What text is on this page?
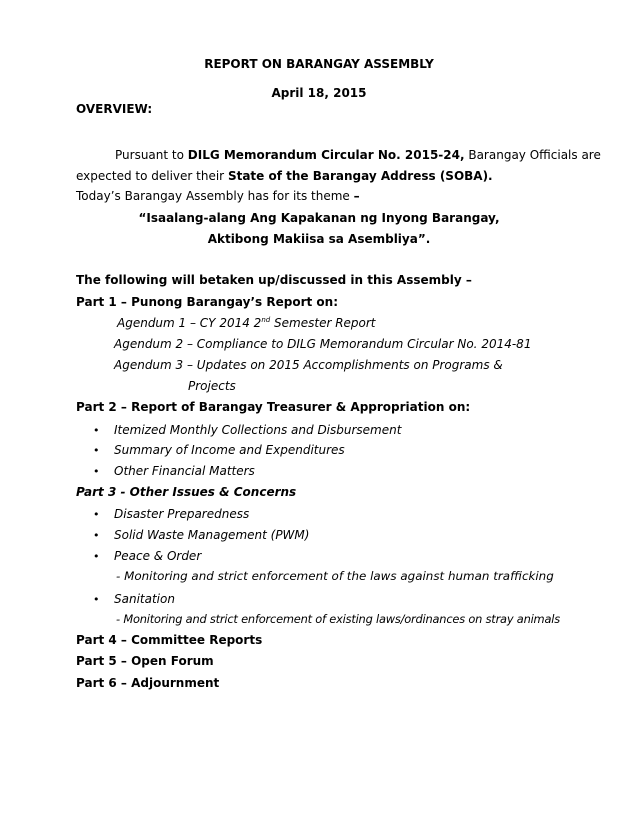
REPORT ON BARANGAY ASSEMBLY
April 18, 2015
OVERVIEW:
Pursuant to DILG Memorandum Circular No. 2015-24, Barangay Officials are
expected to deliver their State of the Barangay Address (SOBA).
Today’s Barangay Assembly has for its theme –
“Isaalang-alang Ang Kapakanan ng Inyong Barangay,
Aktibong Makiisa sa Asembliya”.
The following will betaken up/discussed in this Assembly –
Part 1 – Punong Barangay’s Report on:
Agendum 1 – CY 2014 2nd Semester Report
Agendum 2 – Compliance to DILG Memorandum Circular No. 2014-81
Agendum 3 – Updates on 2015 Accomplishments on Programs &
Projects
Part 2 – Report of Barangay Treasurer & Appropriation on:
• Itemized Monthly Collections and Disbursement
• Summary of Income and Expenditures
• Other Financial Matters
Part 3 - Other Issues & Concerns
• Disaster Preparedness
• Solid Waste Management (PWM)
• Peace & Order
- Monitoring and strict enforcement of the laws against human trafficking
• Sanitation
- Monitoring and strict enforcement of existing laws/ordinances on stray animals
Part 4 – Committee Reports
Part 5 – Open Forum
Part 6 – Adjournment
